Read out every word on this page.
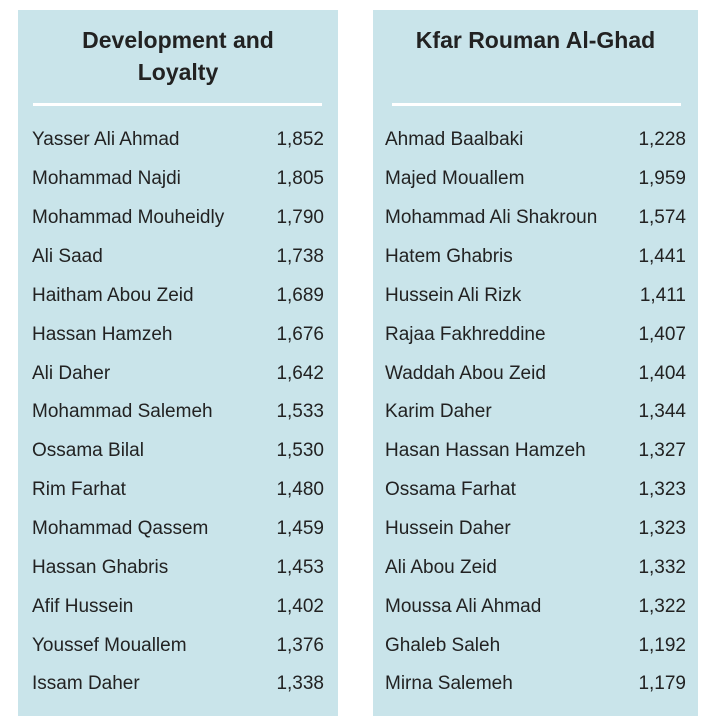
Development and
Loyalty
Yasser Ali Ahmad	1,852
Mohammad Najdi	1,805
Mohammad Mouheidly	1,790
Ali Saad	1,738
Haitham Abou Zeid	1,689
Hassan Hamzeh	1,676
Ali Daher	1,642
Mohammad Salemeh	1,533
Ossama Bilal	1,530
Rim Farhat	1,480
Mohammad Qassem	1,459
Hassan Ghabris	1,453
Afif Hussein	1,402
Youssef Mouallem	1,376
Issam Daher	1,338
Kfar Rouman Al-Ghad
Ahmad Baalbaki	1,228
Majed Mouallem	1,959
Mohammad Ali Shakroun 1,574
Hatem Ghabris	1,441
Hussein Ali Rizk	1,411
Rajaa Fakhreddine	1,407
Waddah Abou Zeid	1,404
Karim Daher	1,344
Hasan Hassan Hamzeh	1,327
Ossama Farhat	1,323
Hussein Daher	1,323
Ali Abou Zeid	1,332
Moussa Ali Ahmad	1,322
Ghaleb Saleh	1,192
Mirna Salemeh	1,179
